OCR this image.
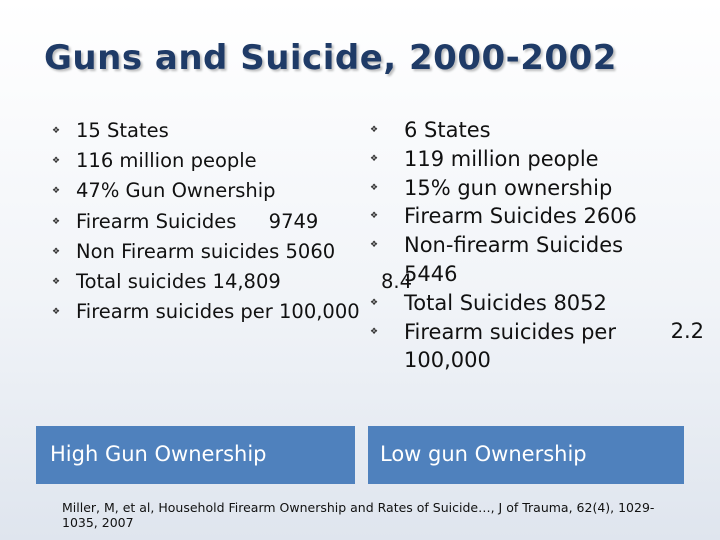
Guns and Suicide, 2000-2002
❖ 15 States
❖ 116 million people
❖ 47% Gun Ownership
❖ Firearm Suicides 9749
❖ Non Firearm suicides 5060
❖ Total suicides 14,809
❖ Firearm suicides per 100,000
8.4
❖ 6 States
❖ 119 million people
❖ 15% gun ownership
❖ Firearm Suicides 2606
❖ Non-firearm Suicides 5446
❖ Total Suicides 8052
❖ Firearm suicides per 100,000
2.2
High Gun Ownership	Low gun Ownership
Miller, M, et al, Household Firearm Ownership and Rates of Suicide…, J of Trauma, 62(4), 1029-1035, 2007
